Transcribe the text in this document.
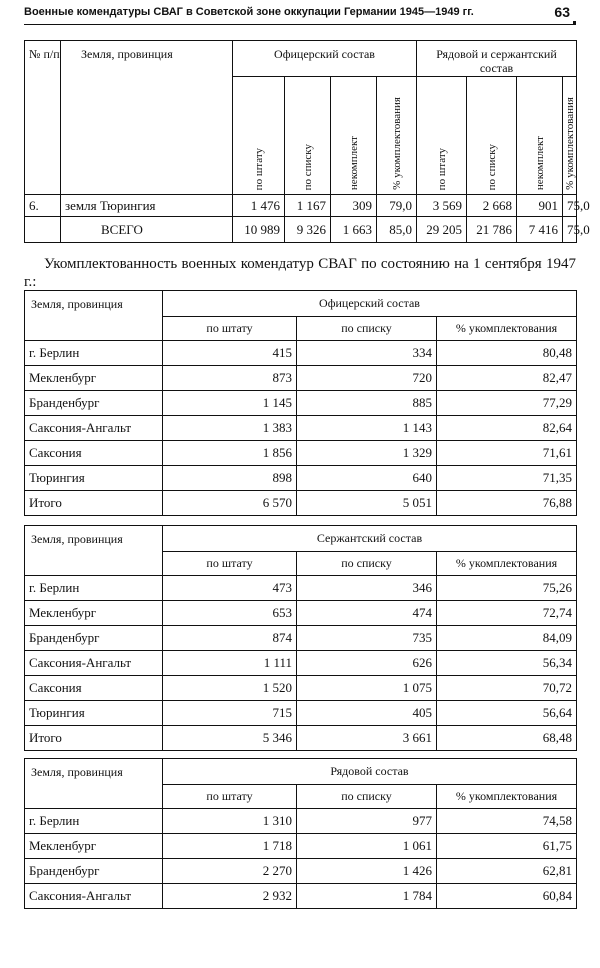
Военные комендатуры СВАГ в Советской зоне оккупации Германии 1945—1949 гг.	63
№ п/п	Земля, провинция	Офицерский состав				Рядовой и сержантский состав			
		по штату	по списку	некомплект	% укомплектования	по штату	по списку	некомплект	% укомплектования
6.	земля Тюрингия	1 476	1 167	309	79,0	3 569	2 668	901	75,0
	ВСЕГО	10 989	9 326	1 663	85,0	29 205	21 786	7 416	75,0
Укомплектованность военных комендатур СВАГ по состоянию на 1 сентября 1947 г.:
Земля, провинция	Офицерский состав		
	по штату	по списку	% укомплектования
г. Берлин	415	334	80,48
Мекленбург	873	720	82,47
Бранденбург	1 145	885	77,29
Саксония-Ангальт	1 383	1 143	82,64
Саксония	1 856	1 329	71,61
Тюрингия	898	640	71,35
Итого	6 570	5 051	76,88
Земля, провинция	Сержантский состав		
	по штату	по списку	% укомплектования
г. Берлин	473	346	75,26
Мекленбург	653	474	72,74
Бранденбург	874	735	84,09
Саксония-Ангальт	1 111	626	56,34
Саксония	1 520	1 075	70,72
Тюрингия	715	405	56,64
Итого	5 346	3 661	68,48
Земля, провинция	Рядовой состав		
	по штату	по списку	% укомплектования
г. Берлин	1 310	977	74,58
Мекленбург	1 718	1 061	61,75
Бранденбург	2 270	1 426	62,81
Саксония-Ангальт	2 932	1 784	60,84
